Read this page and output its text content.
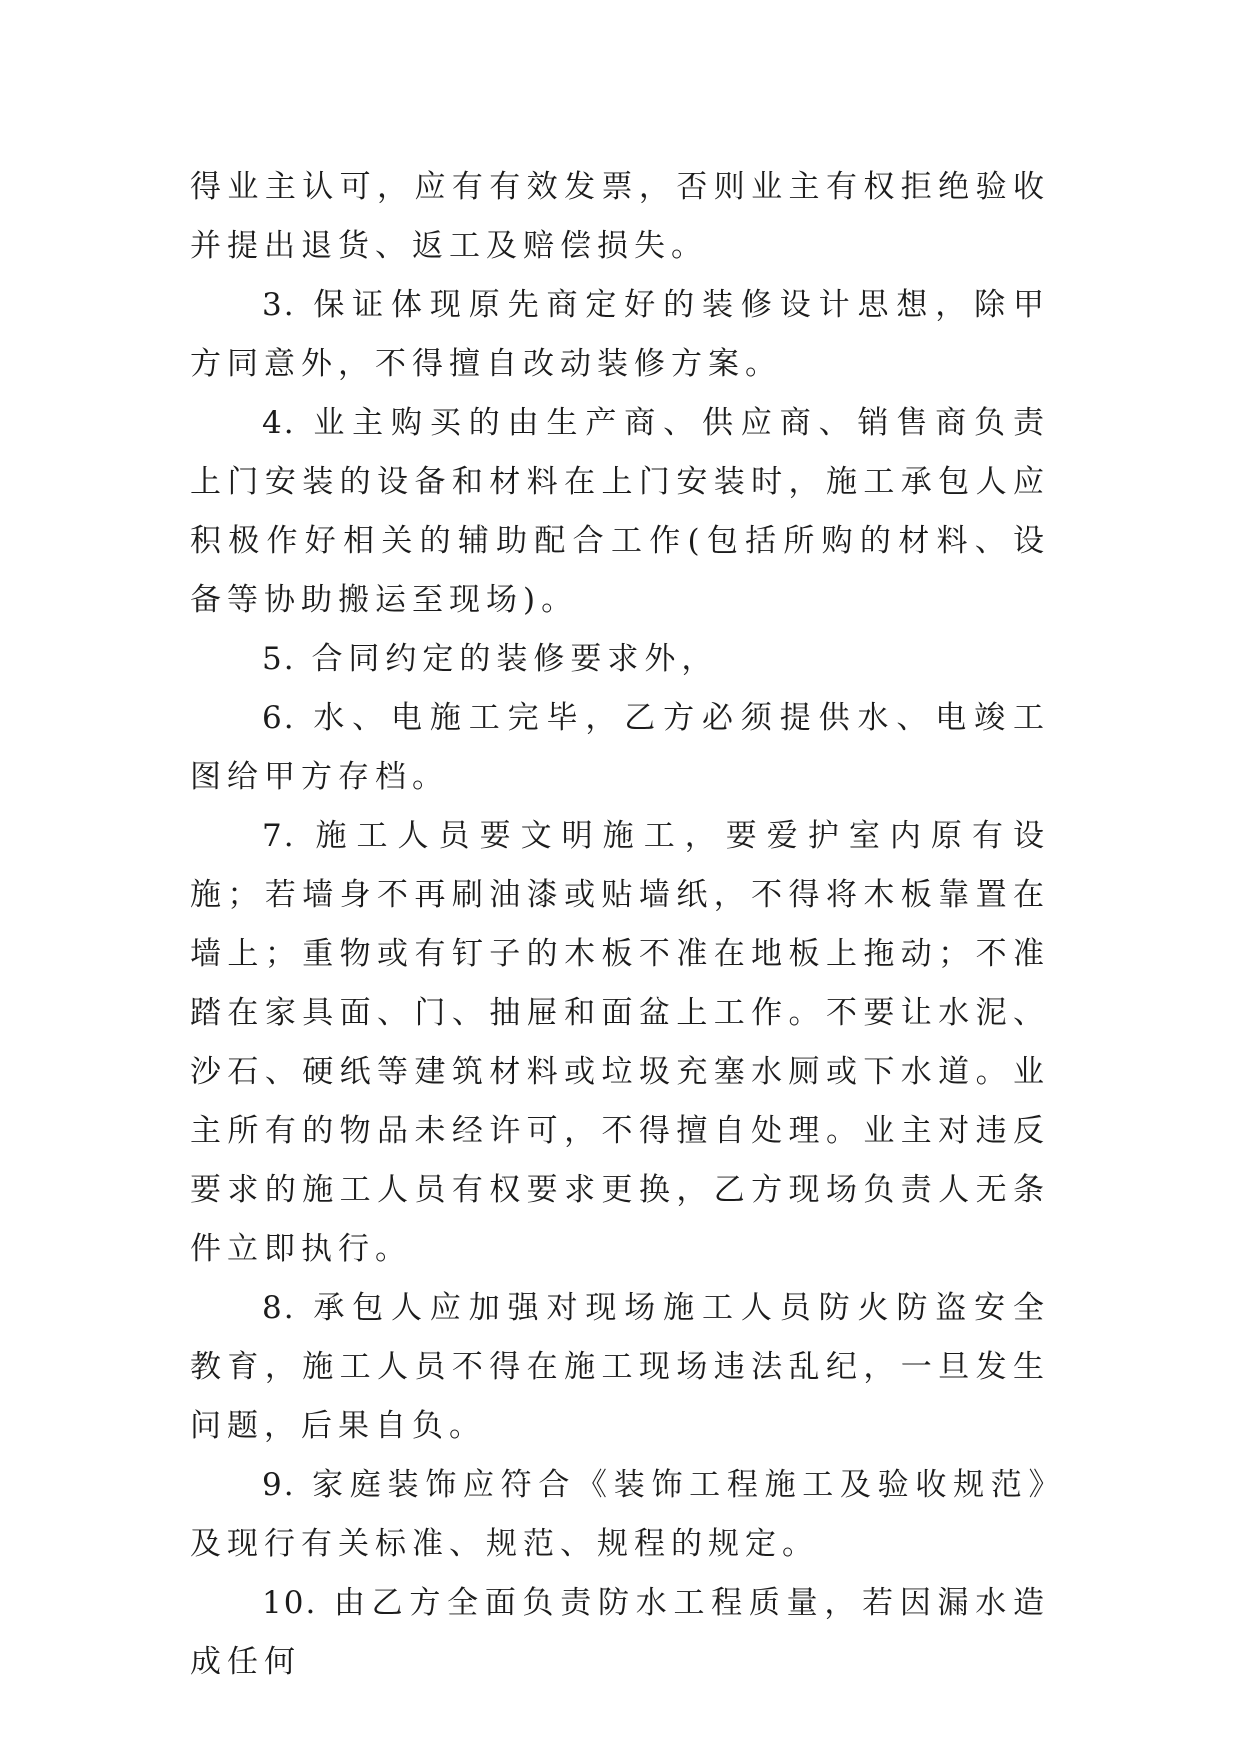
得业主认可，应有有效发票，否则业主有权拒绝验收并提出退货、返工及赔偿损失。

3. 保证体现原先商定好的装修设计思想，除甲方同意外，不得擅自改动装修方案。

4. 业主购买的由生产商、供应商、销售商负责上门安装的设备和材料在上门安装时，施工承包人应积极作好相关的辅助配合工作(包括所购的材料、设备等协助搬运至现场)。

5. 合同约定的装修要求外，

6. 水、电施工完毕，乙方必须提供水、电竣工图给甲方存档。

7. 施工人员要文明施工，要爱护室内原有设施；若墙身不再刷油漆或贴墙纸，不得将木板靠置在墙上；重物或有钉子的木板不准在地板上拖动；不准踏在家具面、门、抽屉和面盆上工作。不要让水泥、沙石、硬纸等建筑材料或垃圾充塞水厕或下水道。业主所有的物品未经许可，不得擅自处理。业主对违反要求的施工人员有权要求更换，乙方现场负责人无条件立即执行。

8. 承包人应加强对现场施工人员防火防盗安全教育，施工人员不得在施工现场违法乱纪，一旦发生问题，后果自负。

9. 家庭装饰应符合《装饰工程施工及验收规范》及现行有关标准、规范、规程的规定。

10. 由乙方全面负责防水工程质量，若因漏水造成任何
